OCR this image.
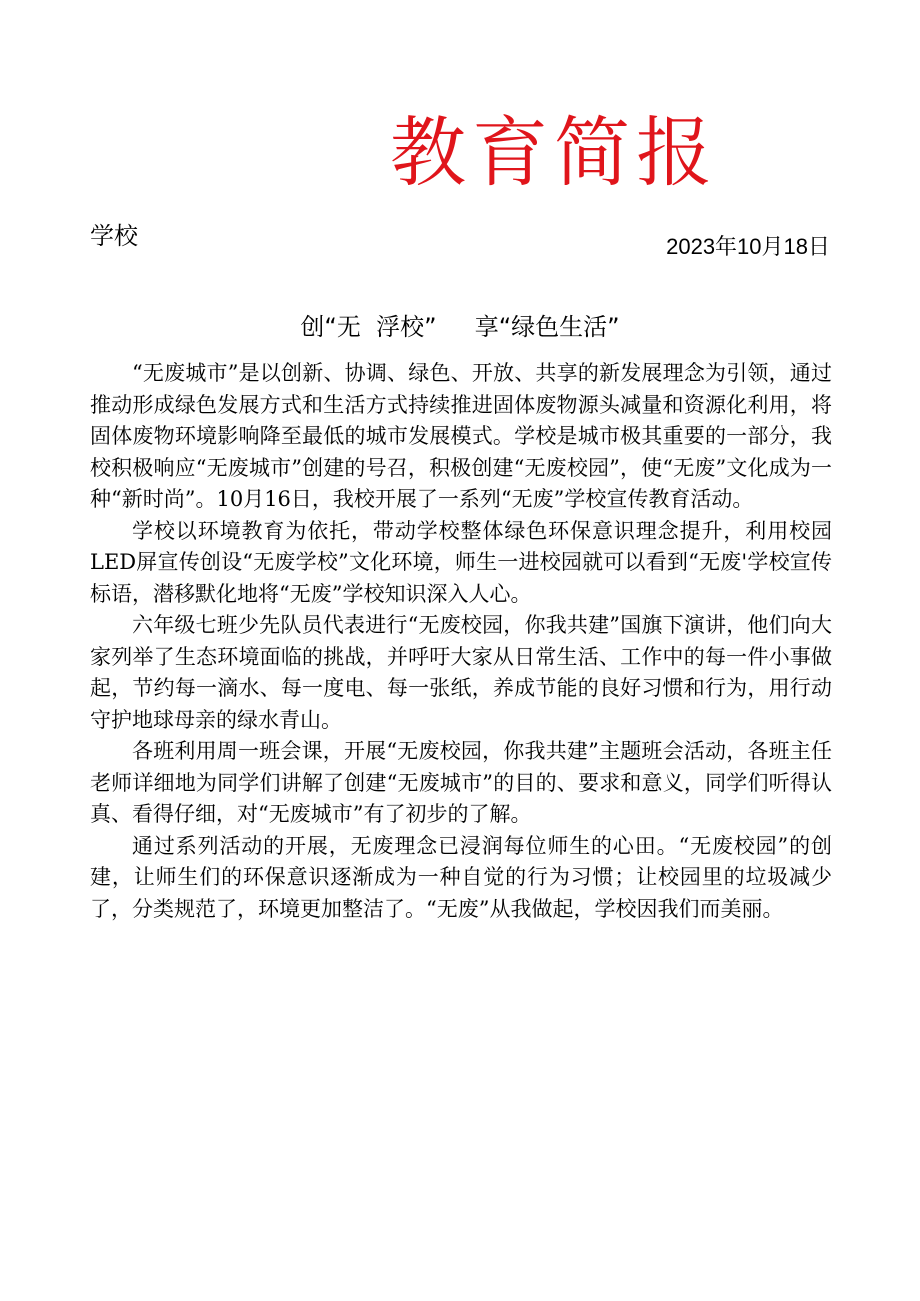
教育简报
学校	2023年10月18日
创“无  浮校”     享“绿色生活”

“无废城市”是以创新、协调、绿色、开放、共享的新发展理念为引领，通过推动形成绿色发展方式和生活方式持续推进固体废物源头减量和资源化利用，将固体废物环境影响降至最低的城市发展模式。学校是城市极其重要的一部分，我校积极响应“无废城市”创建的号召，积极创建“无废校园”，使“无废”文化成为一种“新时尚”。10月16日，我校开展了一系列“无废”学校宣传教育活动。

学校以环境教育为依托，带动学校整体绿色环保意识理念提升，利用校园LED屏宣传创设“无废学校”文化环境，师生一进校园就可以看到“无废'学校宣传标语，潜移默化地将“无废”学校知识深入人心。

六年级七班少先队员代表进行“无废校园，你我共建”国旗下演讲，他们向大家列举了生态环境面临的挑战，并呼吁大家从日常生活、工作中的每一件小事做起，节约每一滴水、每一度电、每一张纸，养成节能的良好习惯和行为，用行动守护地球母亲的绿水青山。

各班利用周一班会课，开展“无废校园，你我共建”主题班会活动，各班主任老师详细地为同学们讲解了创建“无废城市”的目的、要求和意义，同学们听得认真、看得仔细，对“无废城市”有了初步的了解。

通过系列活动的开展，无废理念已浸润每位师生的心田。“无废校园”的创建，让师生们的环保意识逐渐成为一种自觉的行为习惯；让校园里的垃圾减少了，分类规范了，环境更加整洁了。“无废”从我做起，学校因我们而美丽。
